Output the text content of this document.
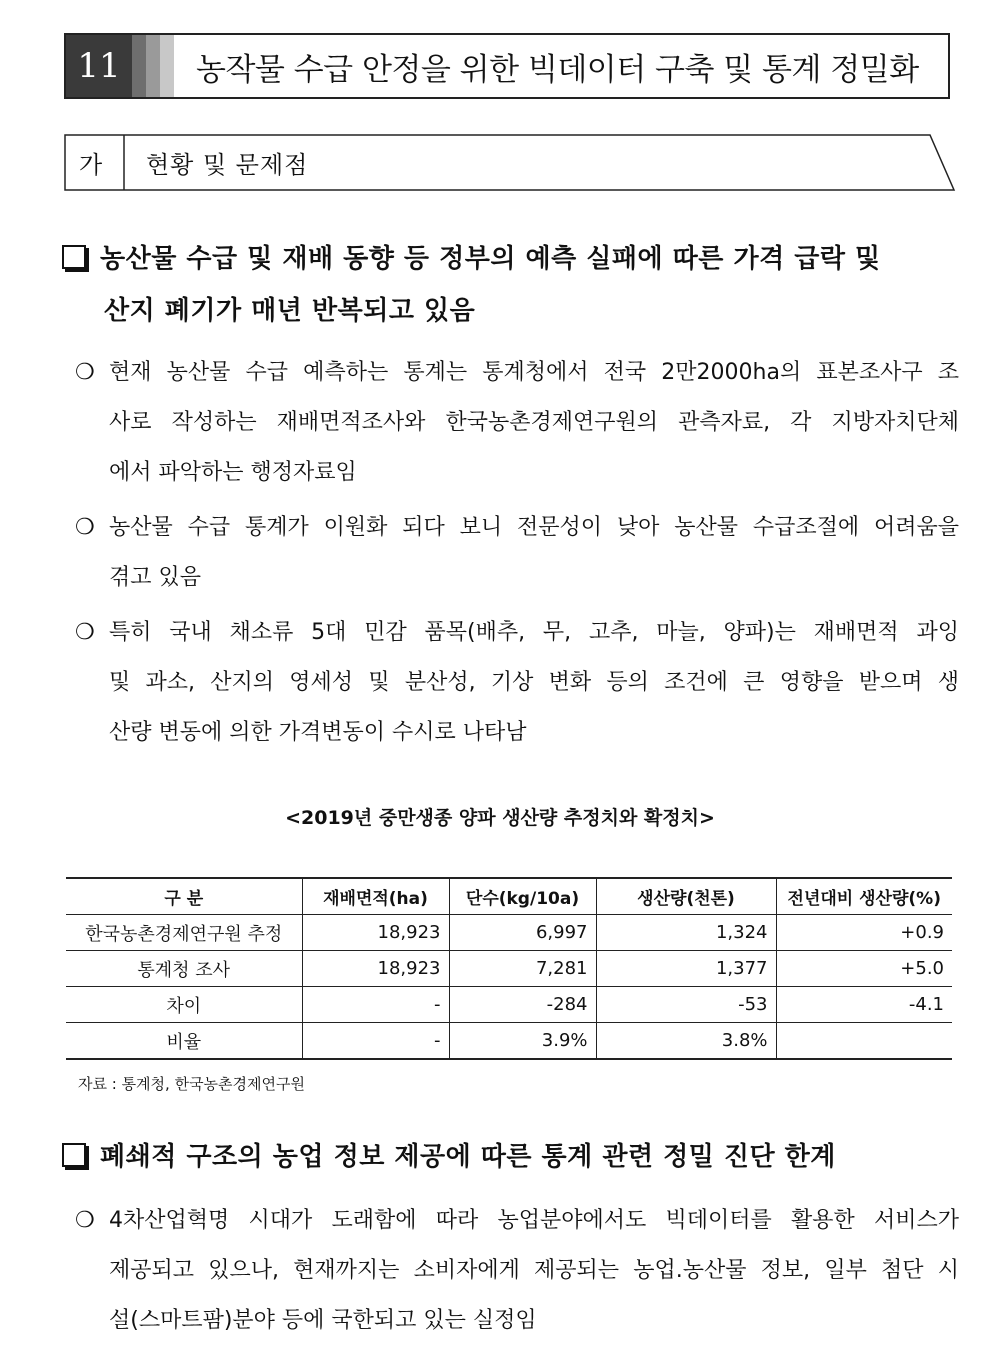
11	농작물 수급 안정을 위한 빅데이터 구축 및 통계 정밀화
가 현황 및 문제점
농산물 수급 및 재배 동향 등 정부의 예측 실패에 따른 가격 급락 및
산지 폐기가 매년 반복되고 있음
❍ 현재 농산물 수급 예측하는 통계는 통계청에서 전국 2만2000ha의 표본조사구 조
사로 작성하는 재배면적조사와 한국농촌경제연구원의 관측자료, 각 지방자치단체
에서 파악하는 행정자료임
❍ 농산물 수급 통계가 이원화 되다 보니 전문성이 낮아 농산물 수급조절에 어려움을
겪고 있음
❍ 특히 국내 채소류 5대 민감 품목(배추, 무, 고추, 마늘, 양파)는 재배면적 과잉
및 과소, 산지의 영세성 및 분산성, 기상 변화 등의 조건에 큰 영향을 받으며 생
산량 변동에 의한 가격변동이 수시로 나타남
<2019년 중만생종 양파 생산량 추정치와 확정치>
구 분	재배면적(ha)	단수(kg/10a)	생산량(천톤)	전년대비 생산량(%)
한국농촌경제연구원 추정	18,923	6,997	1,324	+0.9
통계청 조사	18,923	7,281	1,377	+5.0
차이	-	-284	-53	-4.1
비율	-	3.9%	3.8%	
자료 : 통계청, 한국농촌경제연구원
폐쇄적 구조의 농업 정보 제공에 따른 통계 관련 정밀 진단 한계
❍ 4차산업혁명 시대가 도래함에 따라 농업분야에서도 빅데이터를 활용한 서비스가
제공되고 있으나, 현재까지는 소비자에게 제공되는 농업.농산물 정보, 일부 첨단 시
설(스마트팜)분야 등에 국한되고 있는 실정임
